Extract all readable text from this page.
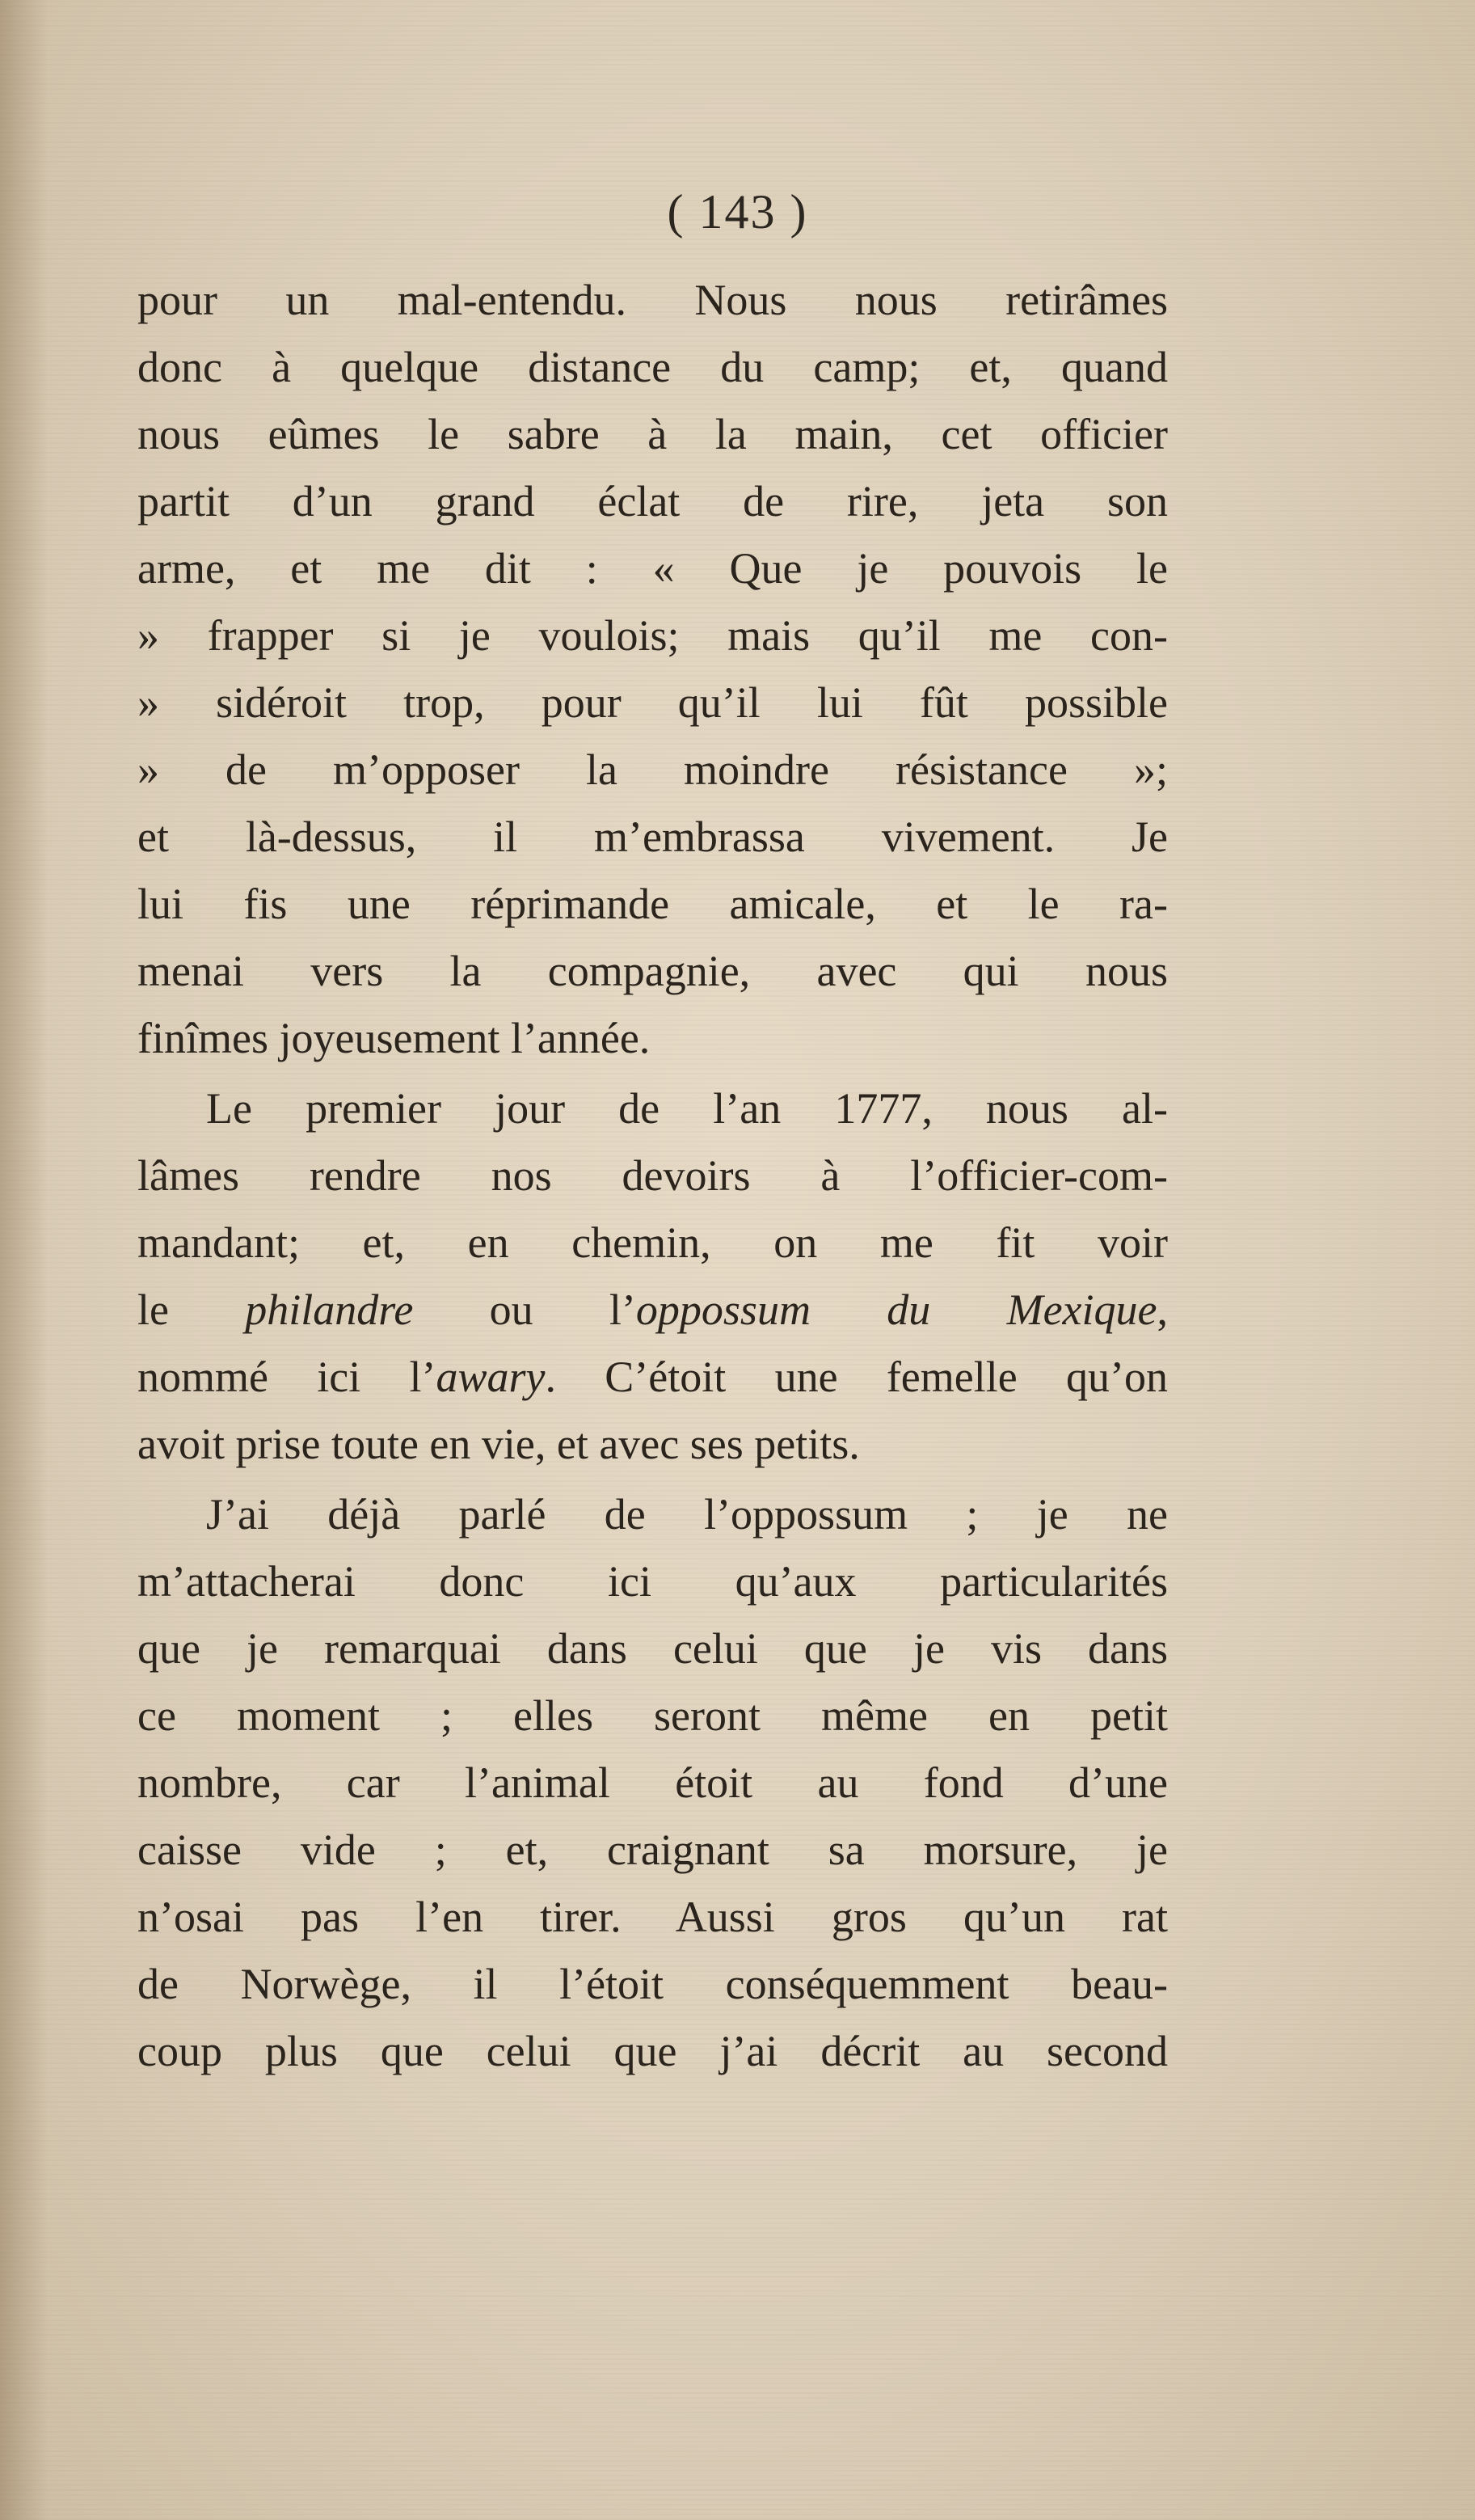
( 143 )
pour un mal-entendu. Nous nous retirâmes
donc à quelque distance du camp; et, quand
nous eûmes le sabre à la main, cet officier
partit d’un grand éclat de rire, jeta son
arme, et me dit : « Que je pouvois le
» frapper si je voulois; mais qu’il me con-
» sidéroit trop, pour qu’il lui fût possible
» de m’opposer la moindre résistance »;
et là-dessus, il m’embrassa vivement. Je
lui fis une réprimande amicale, et le ra-
menai vers la compagnie, avec qui nous
finîmes joyeusement l’année.
Le premier jour de l’an 1777, nous al-
lâmes rendre nos devoirs à l’officier-com-
mandant; et, en chemin, on me fit voir
le philandre ou l’oppossum du Mexique,
nommé ici l’awary. C’étoit une femelle qu’on
avoit prise toute en vie, et avec ses petits.
J’ai déjà parlé de l’oppossum ; je ne
m’attacherai donc ici qu’aux particularités
que je remarquai dans celui que je vis dans
ce moment ; elles seront même en petit
nombre, car l’animal étoit au fond d’une
caisse vide ; et, craignant sa morsure, je
n’osai pas l’en tirer. Aussi gros qu’un rat
de Norwège, il l’étoit conséquemment beau-
coup plus que celui que j’ai décrit au second
